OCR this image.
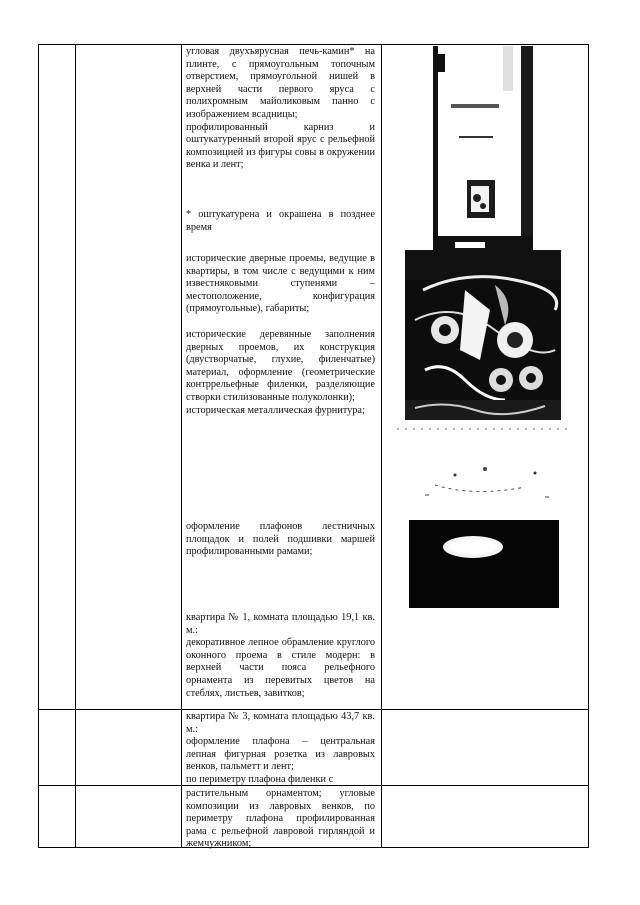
угловая двухъярусная печь-камин* на плинте, с прямоугольным топочным отверстием, прямоугольной нишей в верхней части первого яруса с полихромным майоликовым панно с изображением всадницы;

профилированный карниз и оштукатуренный второй ярус с рельефной композицией из фигуры совы в окружении венка и лент;

* оштукатурена и окрашена в позднее время
исторические дверные проемы, ведущие в квартиры, в том числе с ведущими к ним известняковыми ступенями – местоположение, конфигурация (прямоугольные), габариты;

исторические деревянные заполнения дверных проемов, их конструкция (двустворчатые, глухие, филенчатые) материал, оформление (геометрические контррельефные филенки, разделяющие створки стилизованные полуколонки);

историческая металлическая фурнитура;

оформление плафонов лестничных площадок и полей подшивки маршей профилированными рамами;

квартира № 1, комната площадью 19,1 кв. м.:

декоративное лепное обрамление круглого оконного проема в стиле модерн: в верхней части пояса рельефного орнамента из перевитых цветов на стеблях, листьев, завитков;

квартира № 3, комната площадью 43,7 кв. м.:

оформление плафона – центральная лепная фигурная розетка из лавровых венков, пальметт и лент;

по периметру плафона филенки с

растительным орнаментом; угловые композиции из лавровых венков, по периметру плафона профилированная рама с рельефной лавровой гирляндой и жемчужником;
